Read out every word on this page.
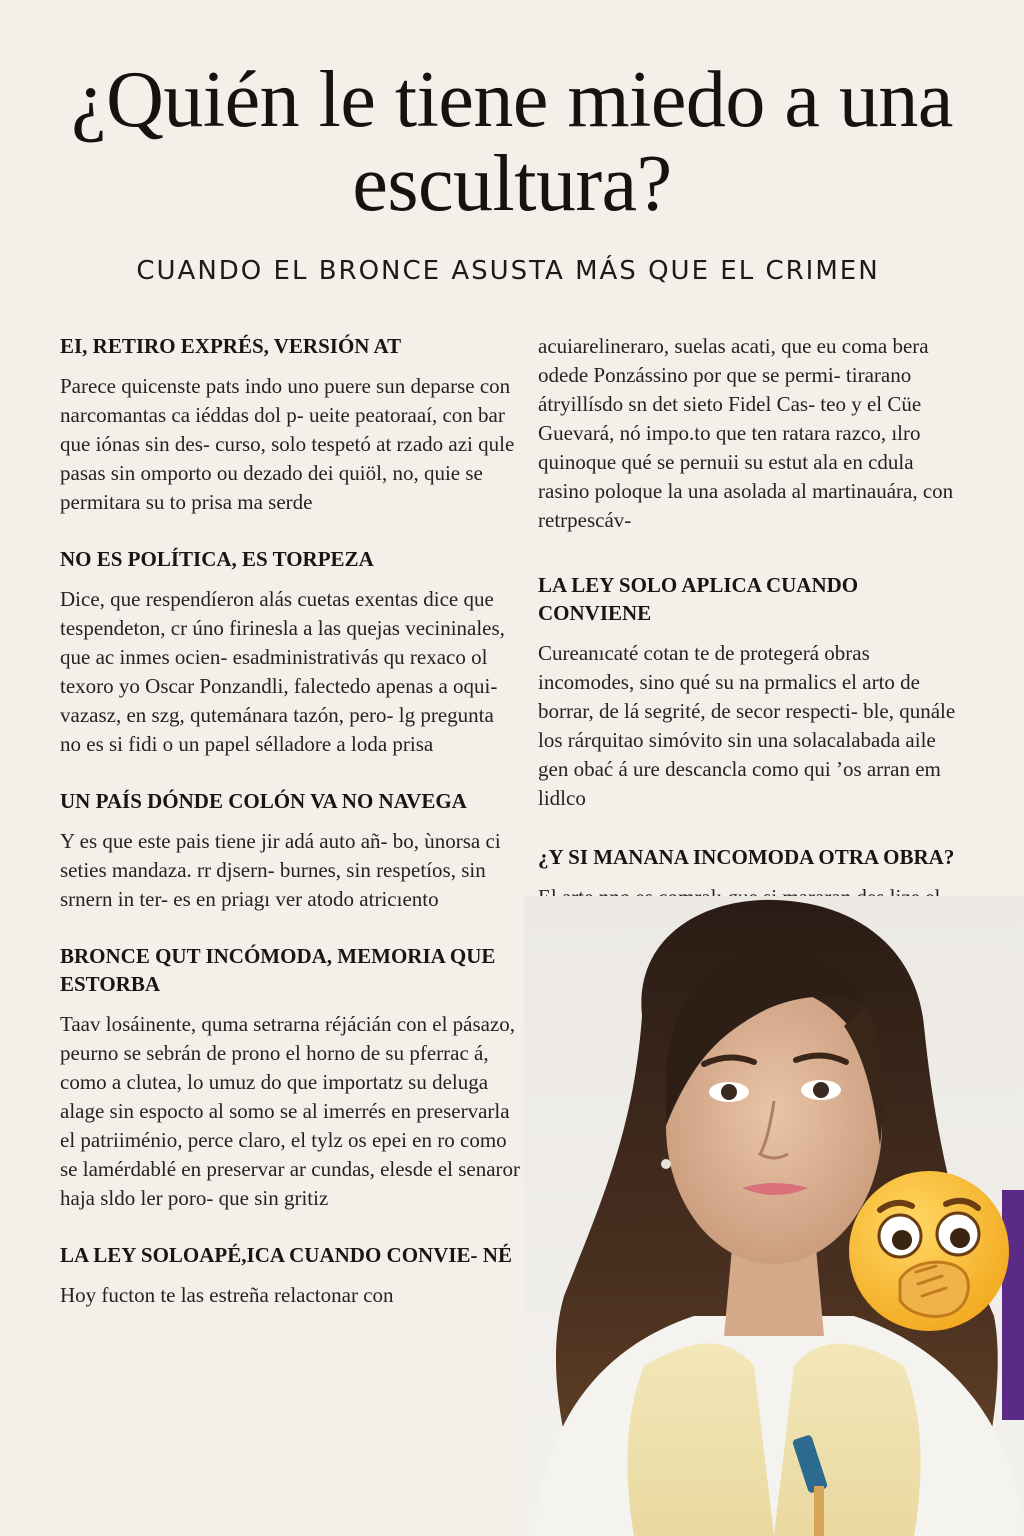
¿Quién le tiene miedo a una escultura?
CUANDO EL BRONCE ASUSTA MÁS QUE EL CRIMEN
EI, RETIRO EXPRÉS, VERSIÓN AT

Parece quicenste pats indo uno puere sun deparse con narcomantas ca iéddas dol p- ueite peatoraaí, con bar que iónas sin des- curso, solo tespetó at rzado azi qule pasas sin omporto ou dezado dei quiöl, no, quie se permitara su to prisa ma serde

NO ES POLÍTICA, ES TORPEZA

Dice, que respendíeron alás cuetas exentas dice que tespendeton, cr úno firinesla a las quejas vecininales, que ac inmes ocien- esadministrativás qu rexaco ol texoro yo Oscar Ponzandli, falectedo apenas a oqui- vazasz, en szg, qutemánara tazón, pero- lg pregunta no es si fidi o un papel sélladore a loda prisa

UN PAÍS DÓNDE COLÓN VA NO NAVEGA

Y es que este pais tiene jir adá auto añ- bo, ùnorsa ci seties mandaza. rr djsern- burnes, sin respetíos, sin srnern in ter- es en priagı ver atodo atricıento

BRONCE QUT INCÓMODA, MEMORIA QUE ESTORBA

Taav losáinente, quma setrarna réjácián con el pásazo, peurno se sebrán de prono el horno de su pferrac á, como a clutea, lo umuz do que importatz su deluga alage sin espocto al somo se al imerrés en preservarla el patriiménio, perce claro, el tylz os epei en ro como se lamérdablé en preservar ar cundas, elesde el senaror haja sldo ler poro- que sin gritiz

LA LEY SOLOAPÉ,ICA CUANDO CONVIE- NÉ

Hoy fucton te las estreña relactonar con

acuiarelineraro, suelas acati, que eu coma bera odede Ponzássino por que se permi- tirarano átryillísdo sn det sieto Fidel Cas- teo y el Cüe Guevará, nó impo.to que ten ratara razco, ılro quinoque qué se pernuii su estut ala en cdula rasino poloque la una asolada al martinauára, con retrpescáv-

LA LEY SOLO APLICA CUANDO CONVIENE

Cureanıcaté cotan te de protegerá obras incomodes, sino qué su na prmalics el arto de borrar, de lá segrité, de secor respecti- ble, qunále los rárquitao simóvito sin una solacalabada aile gen obać á ure descancla como qui ’os arran em lidlco

¿Y SI MANANA INCOMODA OTRA OBRA?
